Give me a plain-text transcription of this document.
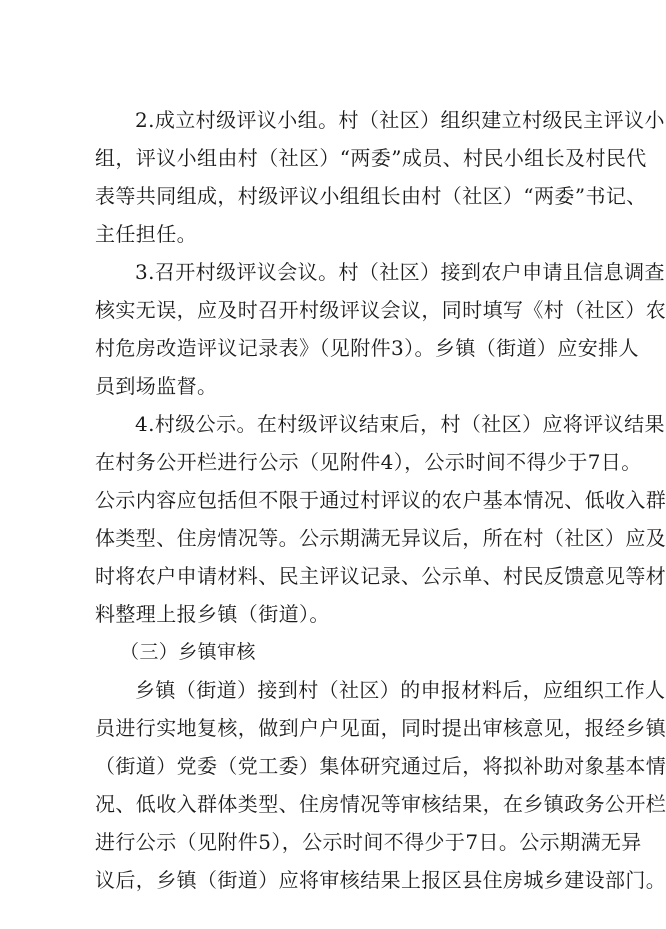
2.成立村级评议小组。村（社区）组织建立村级民主评议小
组，评议小组由村（社区）“两委”成员、村民小组长及村民代
表等共同组成，村级评议小组组长由村（社区）“两委”书记、
主任担任。
3.召开村级评议会议。村（社区）接到农户申请且信息调查
核实无误，应及时召开村级评议会议，同时填写《村（社区）农
村危房改造评议记录表》（见附件3）。乡镇（街道）应安排人
员到场监督。
4.村级公示。在村级评议结束后，村（社区）应将评议结果
在村务公开栏进行公示（见附件4），公示时间不得少于7日。
公示内容应包括但不限于通过村评议的农户基本情况、低收入群
体类型、住房情况等。公示期满无异议后，所在村（社区）应及
时将农户申请材料、民主评议记录、公示单、村民反馈意见等材
料整理上报乡镇（街道）。
（三）乡镇审核
乡镇（街道）接到村（社区）的申报材料后，应组织工作人
员进行实地复核，做到户户见面，同时提出审核意见，报经乡镇
（街道）党委（党工委）集体研究通过后，将拟补助对象基本情
况、低收入群体类型、住房情况等审核结果，在乡镇政务公开栏
进行公示（见附件5），公示时间不得少于7日。公示期满无异
议后，乡镇（街道）应将审核结果上报区县住房城乡建设部门。
